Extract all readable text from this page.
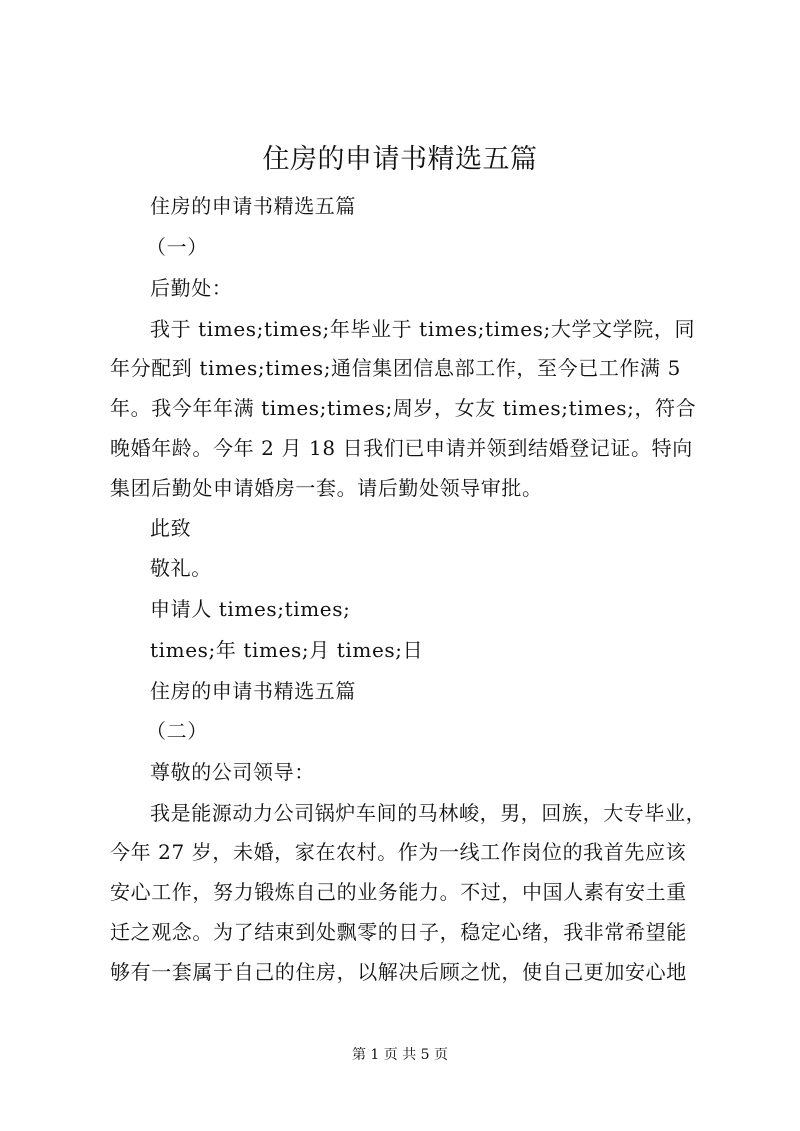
住房的申请书精选五篇

住房的申请书精选五篇

（一）

后勤处：

我于 times;times;年毕业于 times;times;大学文学院，同

年分配到 times;times;通信集团信息部工作，至今已工作满 5

年。我今年年满 times;times;周岁，女友 times;times;，符合

晚婚年龄。今年 2 月 18 日我们已申请并领到结婚登记证。特向

集团后勤处申请婚房一套。请后勤处领导审批。

此致

敬礼。

申请人 times;times;

times;年 times;月 times;日

住房的申请书精选五篇

（二）

尊敬的公司领导：

我是能源动力公司锅炉车间的马林峻，男，回族，大专毕业，

今年 27 岁，未婚，家在农村。作为一线工作岗位的我首先应该

安心工作，努力锻炼自己的业务能力。不过，中国人素有安土重

迁之观念。为了结束到处飘零的日子，稳定心绪，我非常希望能

够有一套属于自己的住房，以解决后顾之忧，使自己更加安心地

第 1 页 共 5 页
